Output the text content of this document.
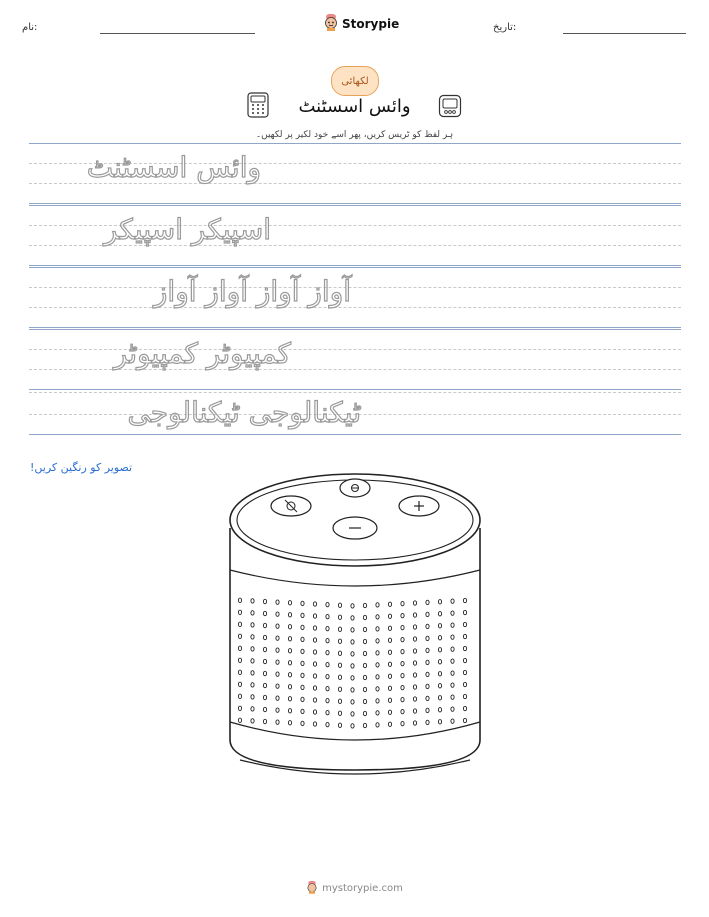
نام:	Storypie	تاریخ:
لکھائی
وائس اسسٹنٹ
ہر لفظ کو ٹریس کریں، پھر اسے خود لکیر پر لکھیں۔
وائس اسسٹنٹ
اسپیکر اسپیکر
آواز آواز آواز آواز
کمپیوٹر کمپیوٹر
ٹیکنالوجی ٹیکنالوجی
تصویر کو رنگین کریں!
mystorypie.com
